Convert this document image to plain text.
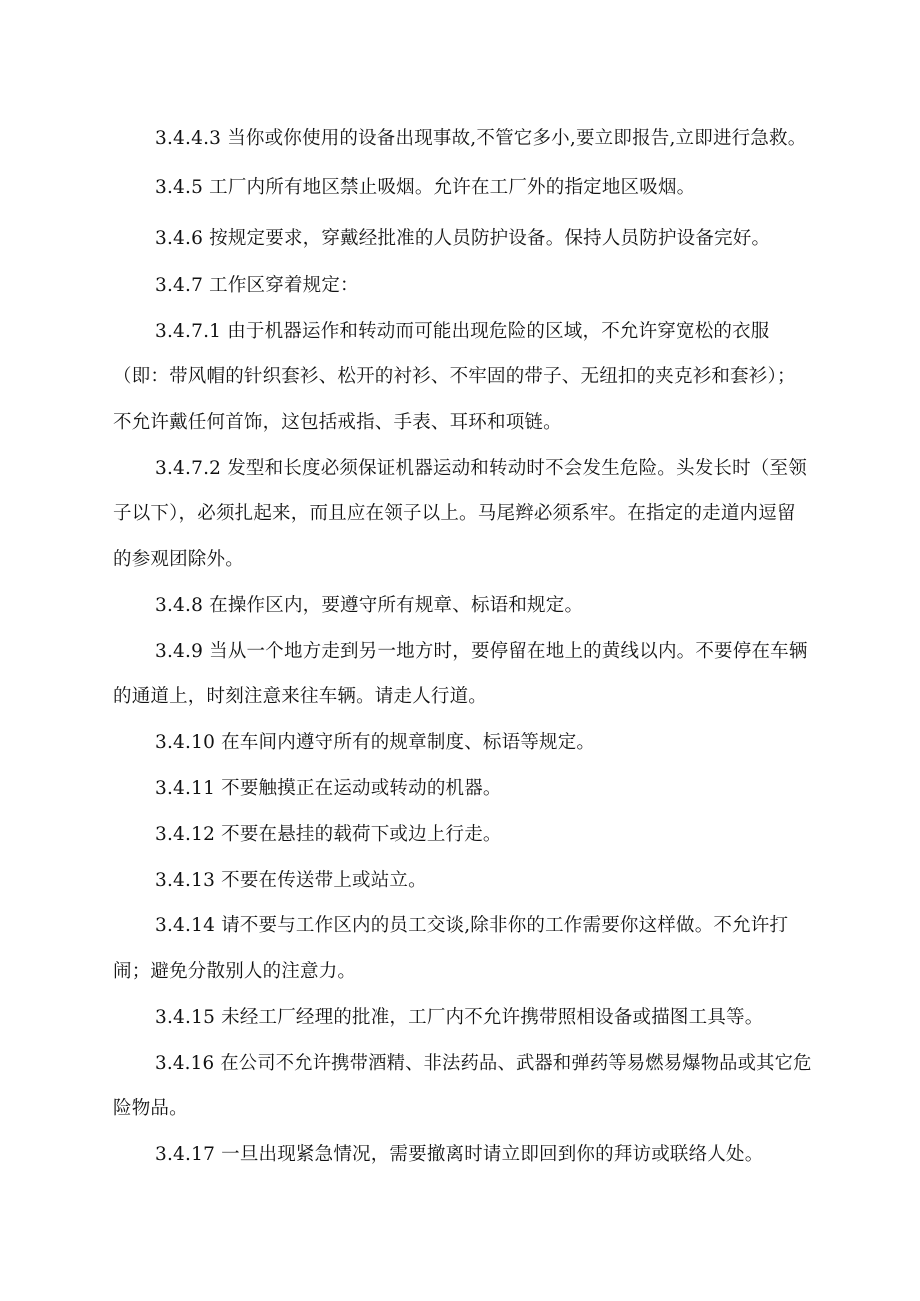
3.4.4.3 当你或你使用的设备出现事故,不管它多小,要立即报告,立即进行急救。
3.4.5 工厂内所有地区禁止吸烟。允许在工厂外的指定地区吸烟。
3.4.6 按规定要求，穿戴经批准的人员防护设备。保持人员防护设备完好。
3.4.7 工作区穿着规定：
3.4.7.1 由于机器运作和转动而可能出现危险的区域，不允许穿宽松的衣服
（即：带风帽的针织套衫、松开的衬衫、不牢固的带子、无纽扣的夹克衫和套衫）；
不允许戴任何首饰，这包括戒指、手表、耳环和项链。
3.4.7.2 发型和长度必须保证机器运动和转动时不会发生危险。头发长时（至领
子以下），必须扎起来，而且应在领子以上。马尾辫必须系牢。在指定的走道内逗留
的参观团除外。
3.4.8 在操作区内，要遵守所有规章、标语和规定。
3.4.9 当从一个地方走到另一地方时，要停留在地上的黄线以内。不要停在车辆
的通道上，时刻注意来往车辆。请走人行道。
3.4.10 在车间内遵守所有的规章制度、标语等规定。
3.4.11 不要触摸正在运动或转动的机器。
3.4.12 不要在悬挂的载荷下或边上行走。
3.4.13 不要在传送带上或站立。
3.4.14 请不要与工作区内的员工交谈,除非你的工作需要你这样做。不允许打
闹；避免分散别人的注意力。
3.4.15 未经工厂经理的批准，工厂内不允许携带照相设备或描图工具等。
3.4.16 在公司不允许携带酒精、非法药品、武器和弹药等易燃易爆物品或其它危
险物品。
3.4.17 一旦出现紧急情况，需要撤离时请立即回到你的拜访或联络人处。
